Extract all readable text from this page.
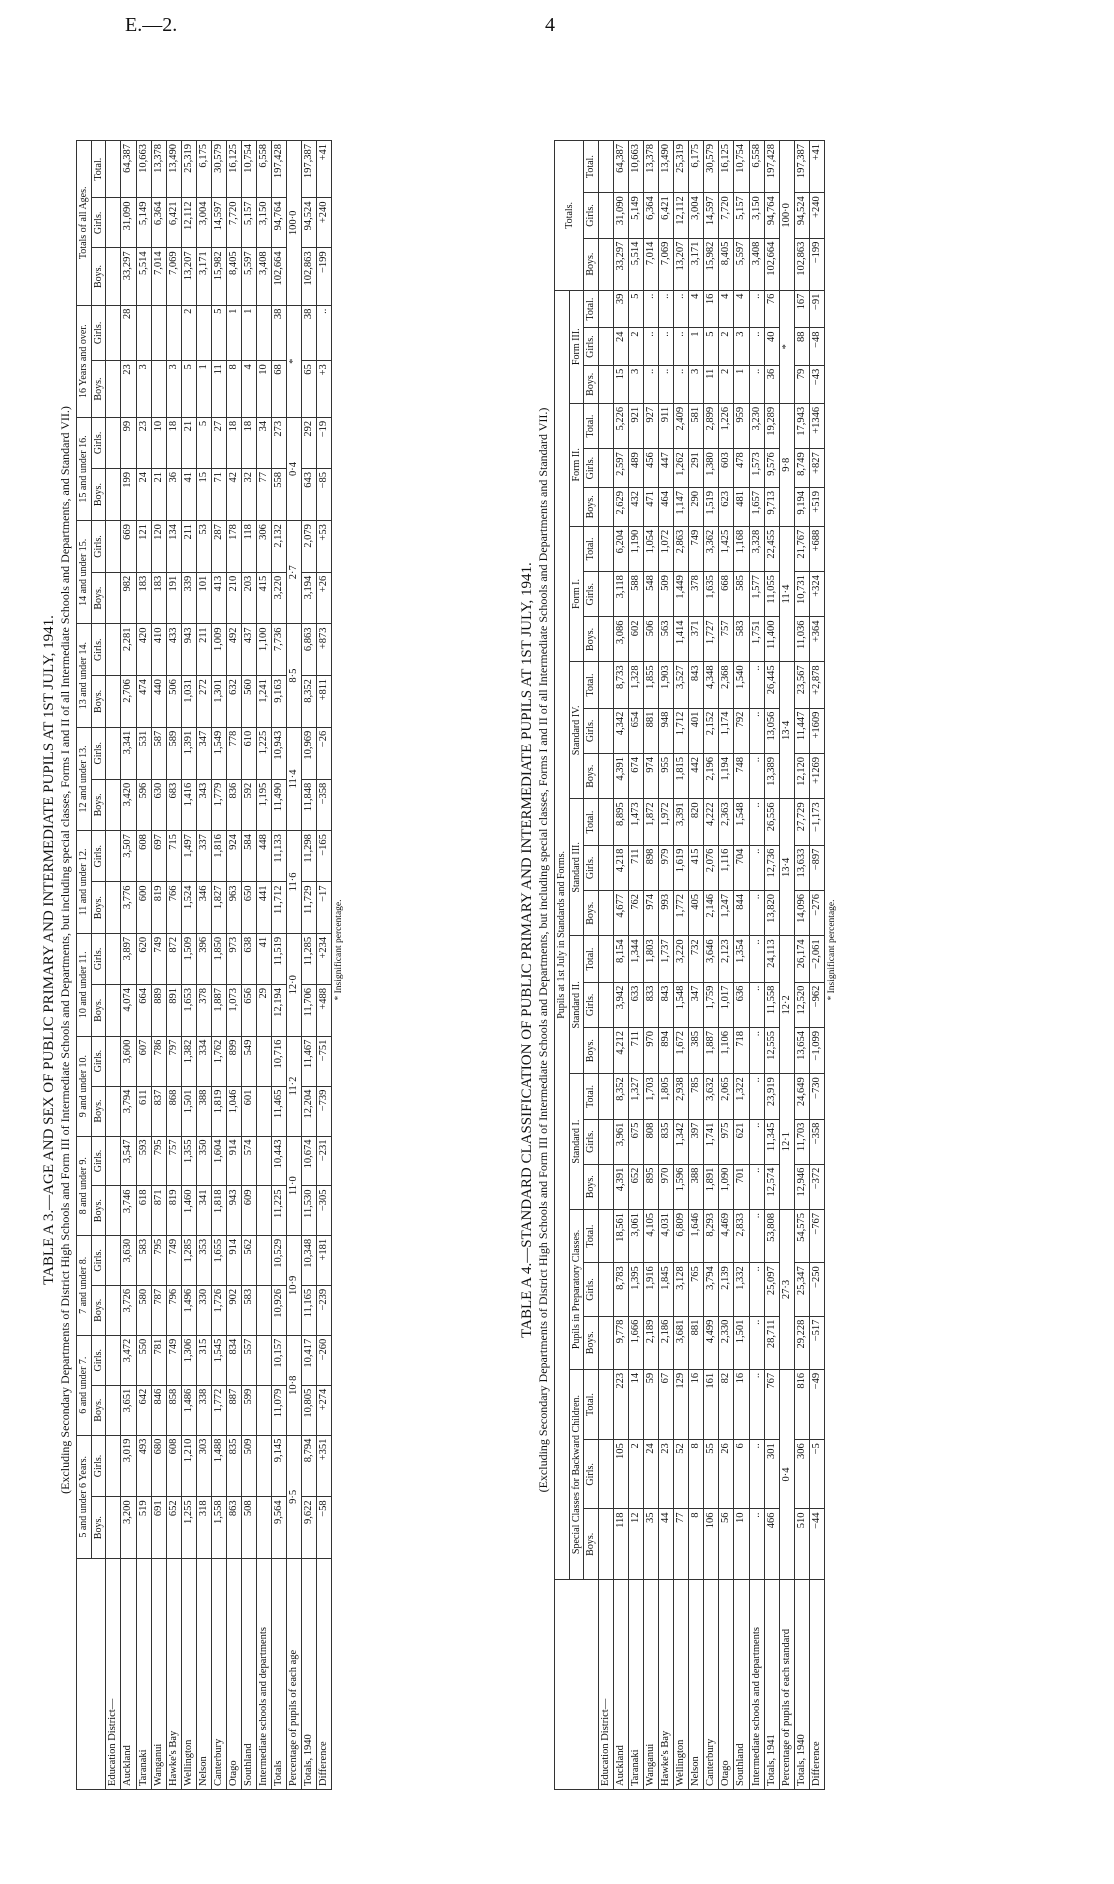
E.—2.	4

TABLE A 3.—AGE AND SEX OF PUBLIC PRIMARY AND INTERMEDIATE PUPILS AT 1ST JULY, 1941. (Excluding Secondary Departments of District High Schools and Form III of Intermediate Schools and Departments, but including special classes, Forms I and II of all Intermediate Schools and Departments, and Standard VII.)

	5 and under 6 Years.		6 and under 7.		7 and under 8.		8 and under 9.		9 and under 10.		10 and under 11.		11 and under 12.		12 and under 13.		13 and under 14.		14 and under 15.		15 and under 16.		16 Years and over.		Totals of all Ages.		
	Boys.	Girls.	Boys.	Girls.	Boys.	Girls.	Boys.	Girls.	Boys.	Girls.	Boys.	Girls.	Boys.	Girls.	Boys.	Girls.	Boys.	Girls.	Boys.	Girls.	Boys.	Girls.	Boys.	Girls.	Boys.	Girls.	Total.
Education District—																											
Auckland	3,200	3,019	3,651	3,472	3,726	3,630	3,746	3,547	3,794	3,600	4,074	3,897	3,776	3,507	3,420	3,341	2,706	2,281	982	669	199	99	23	28	33,297	31,090	64,387
Taranaki	519	493	642	550	580	583	618	593	611	607	664	620	600	608	596	531	474	420	183	121	24	23	3		5,514	5,149	10,663
Wanganui	691	680	846	781	787	795	871	795	837	786	889	749	819	697	630	587	440	410	183	120	21	10			7,014	6,364	13,378
Hawke's Bay	652	608	858	749	796	749	819	757	868	797	891	872	766	715	683	589	506	433	191	134	36	18	3		7,069	6,421	13,490
Wellington	1,255	1,210	1,486	1,306	1,496	1,285	1,460	1,355	1,501	1,382	1,653	1,509	1,524	1,497	1,416	1,391	1,031	943	339	211	41	21	5	2	13,207	12,112	25,319
Nelson	318	303	338	315	330	353	341	350	388	334	378	396	346	337	343	347	272	211	101	53	15	5	1		3,171	3,004	6,175
Canterbury	1,558	1,488	1,772	1,545	1,726	1,655	1,818	1,604	1,819	1,762	1,887	1,850	1,827	1,816	1,779	1,549	1,301	1,009	413	287	71	27	11	5	15,982	14,597	30,579
Otago	863	835	887	834	902	914	943	914	1,046	899	1,073	973	963	924	836	778	632	492	210	178	42	18	8	1	8,405	7,720	16,125
Southland	508	509	599	557	583	562	609	574	601	549	656	638	650	584	592	610	560	437	203	118	32	18	4	1	5,597	5,157	10,754
Intermediate schools and departments											29	41	441	448	1,195	1,225	1,241	1,100	415	306	77	34	10		3,408	3,150	6,558
Totals	9,564	9,145	11,079	10,157	10,926	10,529	11,225	10,443	11,465	10,716	12,194	11,519	11,712	11,133	11,490	10,943	9,163	7,736	3,220	2,132	558	273	68	38	102,664	94,764	197,428
Percentage of pupils of each age	9·5		10·8		10·9		11·0		11·2		12·0		11·6		11·4		8·5		2·7		0·4		*		100·0		
Totals, 1940	9,622	8,794	10,805	10,417	11,165	10,348	11,530	10,674	12,204	11,467	11,706	11,285	11,729	11,298	11,848	10,969	8,352	6,863	3,194	2,079	643	292	65	38	102,863	94,524	197,387
Difference	−58	+351	+274	−260	−239	+181	−305	−231	−739	−751	+488	+234	−17	−165	−358	−26	+811	+873	+26	+53	−85	−19	+3	..	−199	+240	+41
* Insignificant percentage.	TABLE A 4.—STANDARD CLASSIFICATION OF PUBLIC PRIMARY AND INTERMEDIATE PUPILS AT 1ST JULY, 1941. (Excluding Secondary Departments of District High Schools and Form III of Intermediate Schools and Departments, but including special classes, Forms I and II of all Intermediate Schools and Departments and Standard VII.)

	Pupils at 1st July in Standards and Forms.																											Totals.		
	Special Classes for Backward Children.			Pupils in Preparatory Classes.			Standard I.			Standard II.			Standard III.			Standard IV.			Form I.			Form II.			Form III.					
	Boys.	Girls.	Total.	Boys.	Girls.	Total.	Boys.	Girls.	Total.	Boys.	Girls.	Total.	Boys.	Girls.	Total.	Boys.	Girls.	Total.	Boys.	Girls.	Total.	Boys.	Girls.	Total.	Boys.	Girls.	Total.	Boys.	Girls.	Total.
Education District—																														
Auckland	118	105	223	9,778	8,783	18,561	4,391	3,961	8,352	4,212	3,942	8,154	4,677	4,218	8,895	4,391	4,342	8,733	3,086	3,118	6,204	2,629	2,597	5,226	15	24	39	33,297	31,090	64,387
Taranaki	12	2	14	1,666	1,395	3,061	652	675	1,327	711	633	1,344	762	711	1,473	674	654	1,328	602	588	1,190	432	489	921	3	2	5	5,514	5,149	10,663
Wanganui	35	24	59	2,189	1,916	4,105	895	808	1,703	970	833	1,803	974	898	1,872	974	881	1,855	506	548	1,054	471	456	927	..	..	..	7,014	6,364	13,378
Hawke's Bay	44	23	67	2,186	1,845	4,031	970	835	1,805	894	843	1,737	993	979	1,972	955	948	1,903	563	509	1,072	464	447	911	..	..	..	7,069	6,421	13,490
Wellington	77	52	129	3,681	3,128	6,809	1,596	1,342	2,938	1,672	1,548	3,220	1,772	1,619	3,391	1,815	1,712	3,527	1,414	1,449	2,863	1,147	1,262	2,409	..	..	..	13,207	12,112	25,319
Nelson	8	8	16	881	765	1,646	388	397	785	385	347	732	405	415	820	442	401	843	371	378	749	290	291	581	3	1	4	3,171	3,004	6,175
Canterbury	106	55	161	4,499	3,794	8,293	1,891	1,741	3,632	1,887	1,759	3,646	2,146	2,076	4,222	2,196	2,152	4,348	1,727	1,635	3,362	1,519	1,380	2,899	11	5	16	15,982	14,597	30,579
Otago	56	26	82	2,330	2,139	4,469	1,090	975	2,065	1,106	1,017	2,123	1,247	1,116	2,363	1,194	1,174	2,368	757	668	1,425	623	603	1,226	2	2	4	8,405	7,720	16,125
Southland	10	6	16	1,501	1,332	2,833	701	621	1,322	718	636	1,354	844	704	1,548	748	792	1,540	583	585	1,168	481	478	959	1	3	4	5,597	5,157	10,754
Intermediate schools and departments	..	..	..	..	..	..	..	..	..	..	..	..	..	..	..	..	..	..	1,751	1,577	3,328	1,657	1,573	3,230	..	..	..	3,408	3,150	6,558
Totals, 1941	466	301	767	28,711	25,097	53,808	12,574	11,345	23,919	12,555	11,558	24,113	13,820	12,736	26,556	13,389	13,056	26,445	11,400	11,055	22,455	9,713	9,576	19,289	36	40	76	102,664	94,764	197,428
Percentage of pupils of each standard	0·4			27·3			12·1			12·2			13·4			13·4			11·4			9·8			*			100·0		
Totals, 1940	510	306	816	29,228	25,347	54,575	12,946	11,703	24,649	13,654	12,520	26,174	14,096	13,633	27,729	12,120	11,447	23,567	11,036	10,731	21,767	9,194	8,749	17,943	79	88	167	102,863	94,524	197,387
Difference	−44	−5	−49	−517	−250	−767	−372	−358	−730	−1,099	−962	−2,061	−276	−897	−1,173	+1269	+1609	+2,878	+364	+324	+688	+519	+827	+1346	−43	−48	−91	−199	+240	+41
* Insignificant percentage.
